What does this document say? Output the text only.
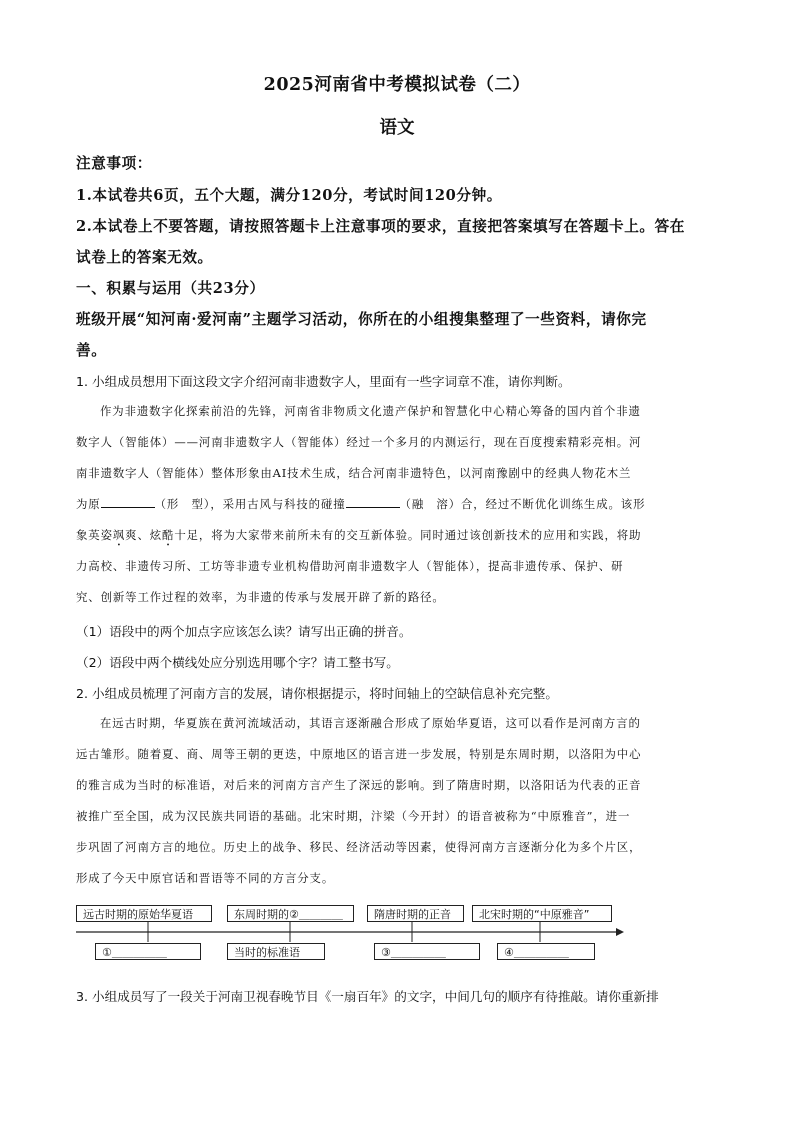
2025河南省中考模拟试卷（二）
语文
注意事项：
1.本试卷共6页，五个大题，满分120分，考试时间120分钟。
2.本试卷上不要答题，请按照答题卡上注意事项的要求，直接把答案填写在答题卡上。答在
试卷上的答案无效。
一、积累与运用（共23分）
班级开展“知河南·爱河南”主题学习活动，你所在的小组搜集整理了一些资料，请你完
善。
1. 小组成员想用下面这段文字介绍河南非遗数字人，里面有一些字词章不准，请你判断。
作为非遗数字化探索前沿的先锋，河南省非物质文化遗产保护和智慧化中心精心筹备的国内首个非遗
数字人（智能体）——河南非遗数字人（智能体）经过一个多月的内测运行，现在百度搜索精彩亮相。河
南非遗数字人（智能体）整体形象由AI技术生成，结合河南非遗特色，以河南豫剧中的经典人物花木兰
为原	（形　型），采用古风与科技的碰撞	（融　溶）合，经过不断优化训练生成。该形
象英姿飒爽、炫酷十足，将为大家带来前所未有的交互新体验。同时通过该创新技术的应用和实践，将助
力高校、非遗传习所、工坊等非遗专业机构借助河南非遗数字人（智能体），提高非遗传承、保护、研
究、创新等工作过程的效率，为非遗的传承与发展开辟了新的路径。
（1）语段中的两个加点字应该怎么读？请写出正确的拼音。
（2）语段中两个横线处应分别选用哪个字？请工整书写。
2. 小组成员梳理了河南方言的发展，请你根据提示，将时间轴上的空缺信息补充完整。
在远古时期，华夏族在黄河流域活动，其语言逐渐融合形成了原始华夏语，这可以看作是河南方言的
远古雏形。随着夏、商、周等王朝的更迭，中原地区的语言进一步发展，特别是东周时期，以洛阳为中心
的雅言成为当时的标准语，对后来的河南方言产生了深远的影响。到了隋唐时期，以洛阳话为代表的正音
被推广至全国，成为汉民族共同语的基础。北宋时期，汴梁（今开封）的语音被称为“中原雅音”，进一
步巩固了河南方言的地位。历史上的战争、移民、经济活动等因素，使得河南方言逐渐分化为多个片区，
形成了今天中原官话和晋语等不同的方言分支。
远古时期的原始华夏语	东周时期的②＿＿＿＿	隋唐时期的正音	北宋时期的“中原雅音”
①＿＿＿＿＿	当时的标准语	③＿＿＿＿＿	④＿＿＿＿＿
3. 小组成员写了一段关于河南卫视春晚节目《一扇百年》的文字，中间几句的顺序有待推敲。请你重新排
